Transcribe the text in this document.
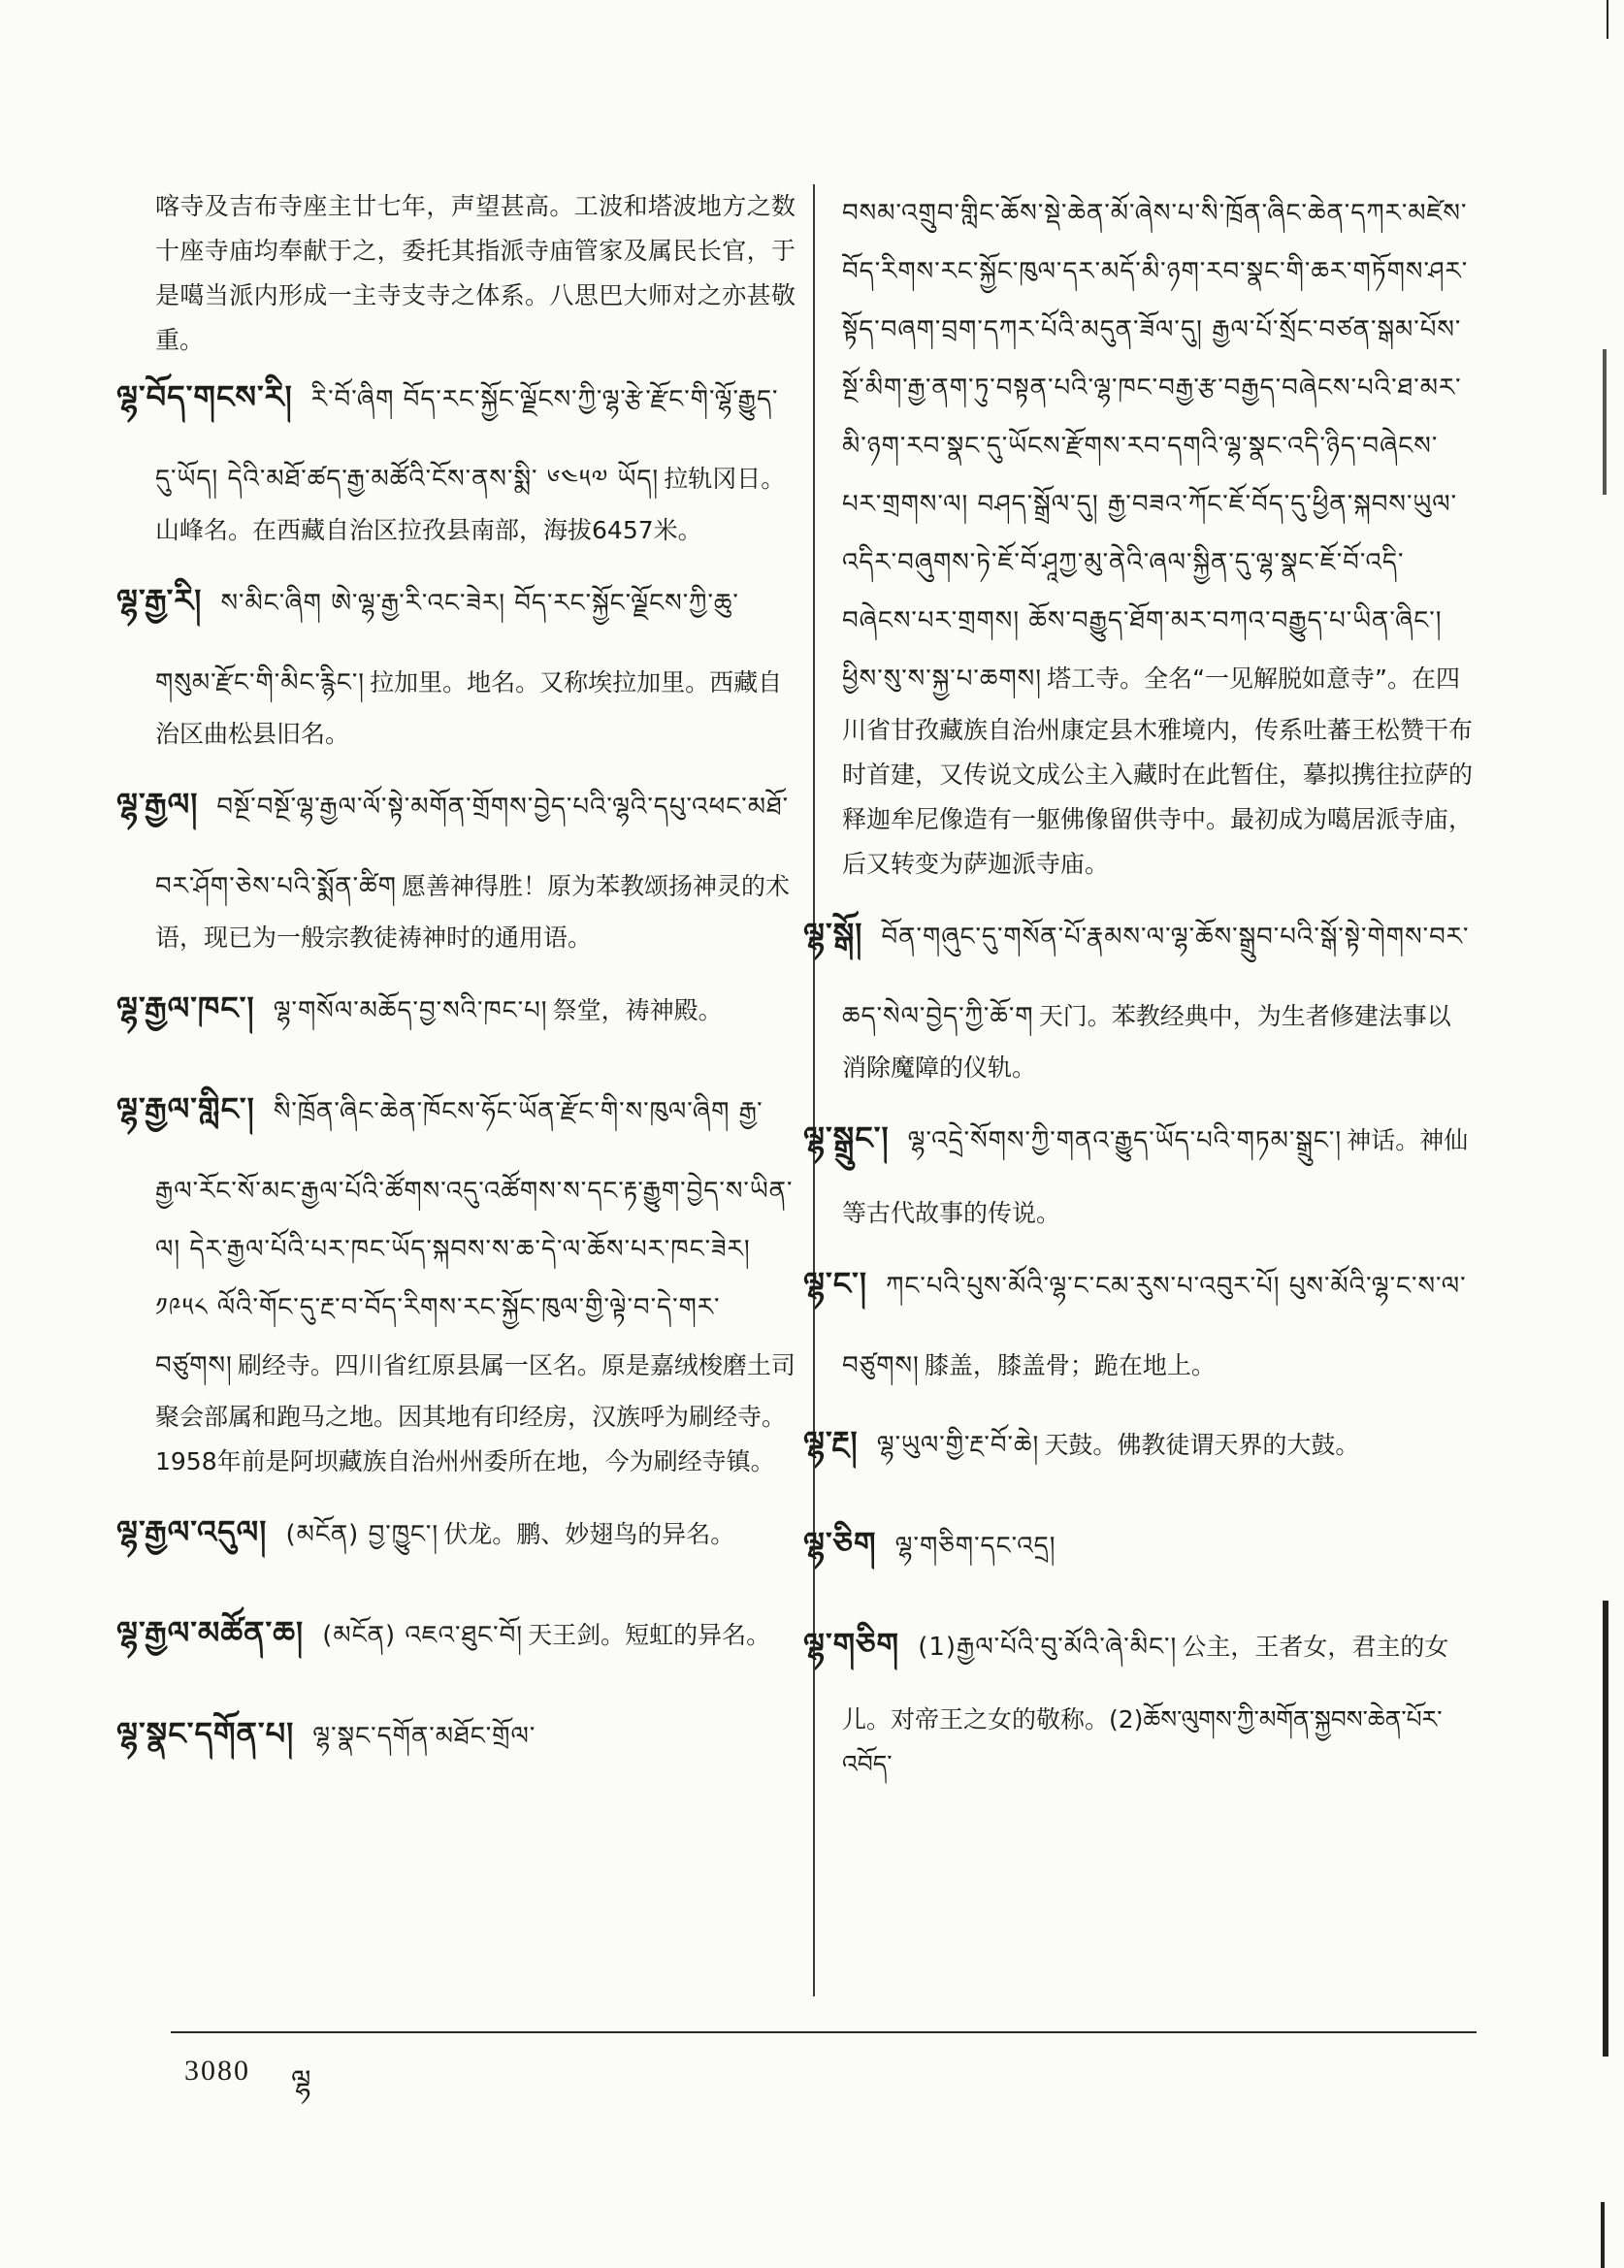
喀寺及吉布寺座主廿七年，声望甚高。工波和塔波地方之数十座寺庙均奉献于之，委托其指派寺庙管家及属民长官，于是噶当派内形成一主寺支寺之体系。八思巴大师对之亦甚敬重。
ལྷ་བོད་གངས་རི། རི་བོ་ཞིག བོད་རང་སྐྱོང་ལྗོངས་ཀྱི་ལྷ་རྩེ་རྫོང་གི་ལྷོ་རྒྱུད་དུ་ཡོད། དེའི་མཐོ་ཚད་རྒྱ་མཚོའི་ངོས་ནས་སྨི་ ༦༤༥༧ ཡོད། 拉轨冈日。山峰名。在西藏自治区拉孜县南部，海拔6457米。
ལྷ་རྒྱ་རི། ས་མིང་ཞིག ཨེ་ལྷ་རྒྱ་རི་འང་ཟེར། བོད་རང་སྐྱོང་ལྗོངས་ཀྱི་ཆུ་གསུམ་རྫོང་གི་མིང་རྙིང་། 拉加里。地名。又称埃拉加里。西藏自治区曲松县旧名。
ལྷ་རྒྱལ། བསྔོ་བསྔོ་ལྷ་རྒྱལ་ལོ་སྟེ་མགོན་གྲོགས་བྱེད་པའི་ལྷའི་དཔུ་འཕང་མཐོ་བར་ཤོག་ཅེས་པའི་སྨོན་ཚིག 愿善神得胜！原为苯教颂扬神灵的术语，现已为一般宗教徒祷神时的通用语。
ལྷ་རྒྱལ་ཁང་། ལྷ་གསོལ་མཆོད་བྱ་སའི་ཁང་པ། 祭堂，祷神殿。
ལྷ་རྒྱལ་གླིང་། སི་ཁྲོན་ཞིང་ཆེན་ཁོངས་ཧོང་ཡོན་རྫོང་གི་ས་ཁུལ་ཞིག རྒྱ་རྒྱལ་རོང་སོ་མང་རྒྱལ་པོའི་ཚོགས་འདུ་འཚོགས་ས་དང་རྟ་རྒྱུག་བྱེད་ས་ཡིན་ལ། དེར་རྒྱལ་པོའི་པར་ཁང་ཡོད་སྐབས་ས་ཆ་དེ་ལ་ཆོས་པར་ཁང་ཟེར། ༡༩༥༨ ལོའི་གོང་དུ་རྔ་བ་བོད་རིགས་རང་སྐྱོང་ཁུལ་གྱི་ལྟེ་བ་དེ་གར་བཙུགས། 刷经寺。四川省红原县属一区名。原是嘉绒梭磨土司聚会部属和跑马之地。因其地有印经房，汉族呼为刷经寺。1958年前是阿坝藏族自治州州委所在地，今为刷经寺镇。
ལྷ་རྒྱལ་འདུལ། (མངོན) བྱ་ཁྱུང་། 伏龙。鹏、妙翅鸟的异名。
ལྷ་རྒྱལ་མཚོན་ཆ། (མངོན) འཇའ་ཐུང་བོ། 天王剑。短虹的异名。
ལྷ་སྣང་དགོན་པ། ལྷ་སྣང་དགོན་མཐོང་གྲོལ་
བསམ་འགྲུབ་གླིང་ཆོས་སྡེ་ཆེན་མོ་ཞེས་པ་སི་ཁྲོན་ཞིང་ཆེན་དཀར་མཛེས་བོད་རིགས་རང་སྐྱོང་ཁུལ་དར་མདོ་མི་ཉག་རབ་སྣང་གི་ཆར་གཏོགས་ཤར་སྟོད་བཞག་བྲག་དཀར་པོའི་མདུན་ཟོལ་དུ། རྒྱལ་པོ་སྲོང་བཙན་སྒམ་པོས་སྔོ་མིག་རྒྱ་ནག་ཏུ་བསྟན་པའི་ལྷ་ཁང་བརྒྱ་རྩ་བརྒྱད་བཞེངས་པའི་ཐ་མར་མི་ཉག་རབ་སྣང་དུ་ཡོངས་རྫོགས་རབ་དགའི་ལྷ་སྣང་འདི་ཉིད་བཞེངས་པར་གྲགས་ལ། བཤད་སྒྲོལ་དུ། རྒྱ་བཟའ་ཀོང་ཇོ་བོད་དུ་ཕྱིན་སྐབས་ཡུལ་འདིར་བཞུགས་ཏེ་ཇོ་བོ་ཤཱཀྱ་མུ་ནེའི་ཞལ་སྐྱིན་དུ་ལྷ་སྣང་ཇོ་བོ་འདི་བཞེངས་པར་གྲགས། ཆོས་བརྒྱུད་ཐོག་མར་བཀའ་བརྒྱུད་པ་ཡིན་ཞིང་། ཕྱིས་སུ་ས་སྐྱ་པ་ཆགས། 塔工寺。全名“一见解脱如意寺”。在四川省甘孜藏族自治州康定县木雅境内，传系吐蕃王松赞干布时首建，又传说文成公主入藏时在此暂住，摹拟携往拉萨的释迦牟尼像造有一躯佛像留供寺中。最初成为噶居派寺庙，后又转变为萨迦派寺庙。
ལྷ་སྒོ། བོན་གཞུང་དུ་གསོན་པོ་རྣམས་ལ་ལྷ་ཆོས་སྒྲུབ་པའི་སྒོ་སྟེ་གེགས་བར་ཆད་སེལ་བྱེད་ཀྱི་ཆོ་ག 天门。苯教经典中，为生者修建法事以消除魔障的仪轨。
ལྷ་སྒྲུང་། ལྷ་འདྲེ་སོགས་ཀྱི་གནའ་རྒྱུད་ཡོད་པའི་གཏམ་སྒྲུང་། 神话。神仙等古代故事的传说。
ལྷ་ང་། ཀང་པའི་པུས་མོའི་ལྷ་ང་ངམ་རུས་པ་འབུར་པོ། པུས་མོའི་ལྷ་ང་ས་ལ་བཙུགས། 膝盖，膝盖骨；跪在地上。
ལྷ་རྔ། ལྷ་ཡུལ་གྱི་རྔ་བོ་ཆེ། 天鼓。佛教徒谓天界的大鼓。
ལྷ་ཅིག ལྷ་གཅིག་དང་འདྲ།
ལྷ་གཅིག (1)རྒྱལ་པོའི་བུ་མོའི་ཞེ་མིང་། 公主，王者女，君主的女儿。对帝王之女的敬称。(2)ཆོས་ལུགས་ཀྱི་མགོན་སྐྱབས་ཆེན་པོར་འབོད་
3080 ལྷ
